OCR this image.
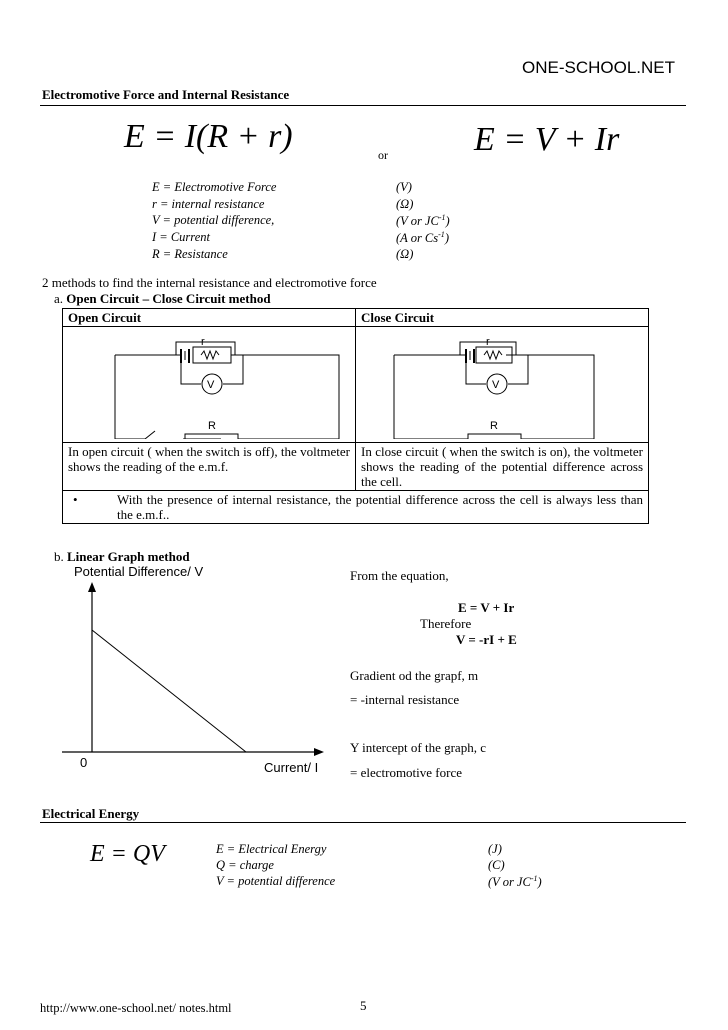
ONE-SCHOOL.NET
Electromotive Force and Internal Resistance
E = I(R + r)	or	E = V + Ir
E = Electromotive Force	(V)
r = internal resistance	(Ω)
V = potential difference,	(V or $JC^{-1}$)
I = Current	(A or $Cs^{-1}$)
R = Resistance	(Ω)
2 methods to find the internal resistance and electromotive force
a. Open Circuit – Close Circuit method
Open Circuit	Close Circuit

r
V
R	r
V
R

In open circuit ( when the switch is off), the voltmeter shows the reading of the e.m.f.	In close circuit ( when the switch is on), the voltmeter shows the reading of the potential difference across the cell.

• With the presence of internal resistance, the potential difference across the cell is always less than the e.m.f..	
b. Linear Graph method
Potential Difference/ V
0	Current/ I
From the equation,
E = V + Ir
Therefore
V = -rI + E
Gradient od the grapf, m
= -internal resistance
Y intercept of the graph, c
= electromotive force
Electrical Energy
E = QV	E = Electrical Energy	(J)
Q = charge	(C)
V = potential difference	(V or $JC^{-1}$)
http://www.one-school.net/ notes.html	5
